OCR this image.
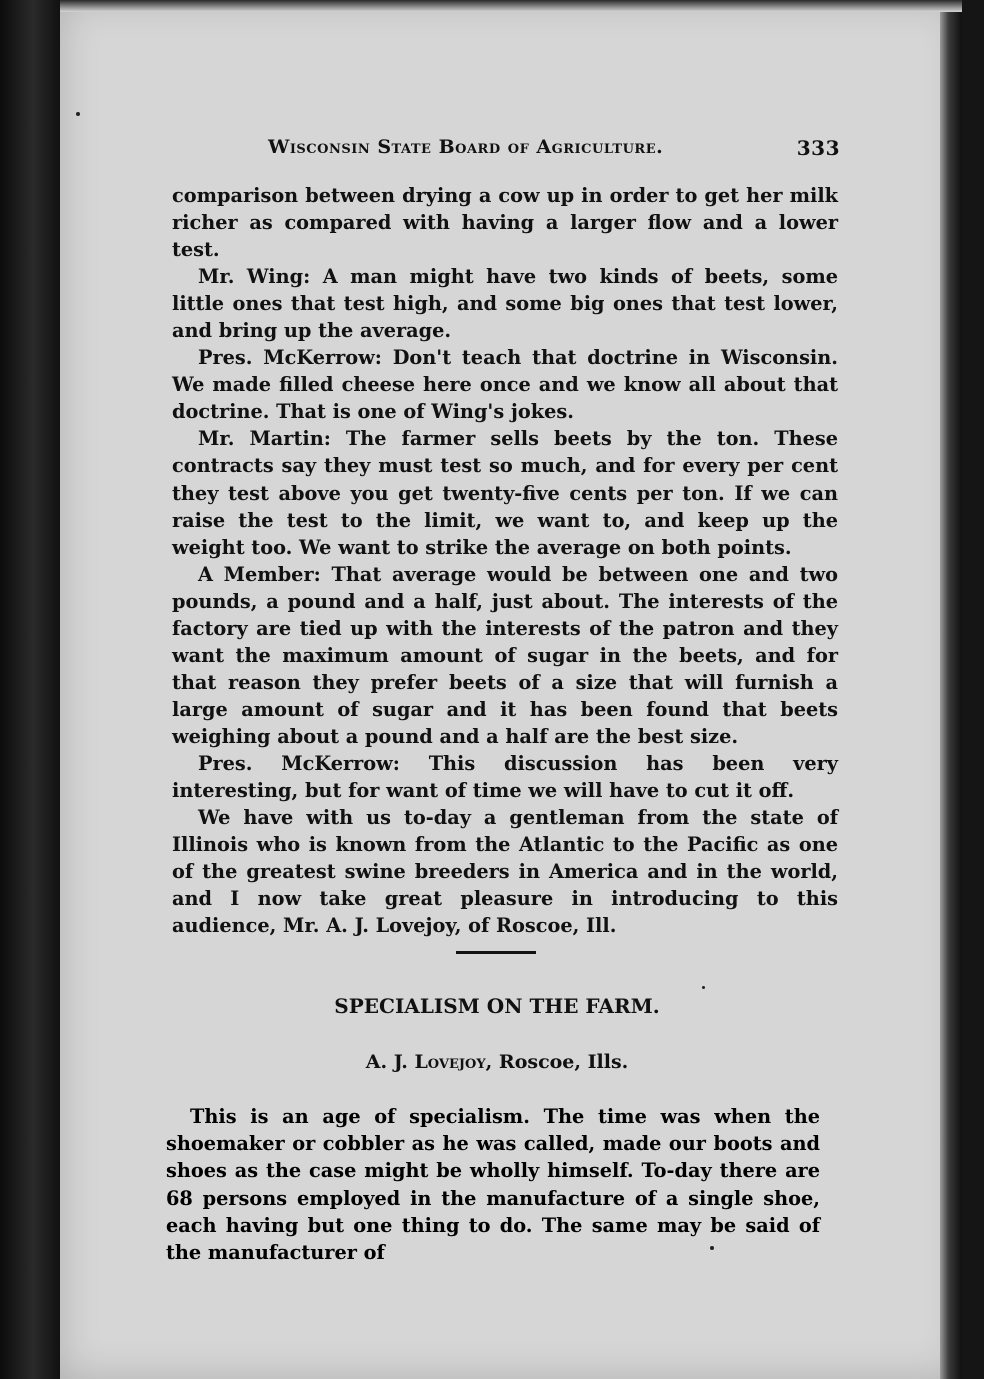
Wisconsin State Board of Agriculture.	333

comparison between drying a cow up in order to get her milk richer as compared with having a larger flow and a lower test.

Mr. Wing: A man might have two kinds of beets, some little ones that test high, and some big ones that test lower, and bring up the average.

Pres. McKerrow: Don't teach that doctrine in Wisconsin. We made filled cheese here once and we know all about that doctrine. That is one of Wing's jokes.

Mr. Martin: The farmer sells beets by the ton. These contracts say they must test so much, and for every per cent they test above you get twenty-five cents per ton. If we can raise the test to the limit, we want to, and keep up the weight too. We want to strike the average on both points.

A Member: That average would be between one and two pounds, a pound and a half, just about. The interests of the factory are tied up with the interests of the patron and they want the maximum amount of sugar in the beets, and for that reason they prefer beets of a size that will furnish a large amount of sugar and it has been found that beets weighing about a pound and a half are the best size.

Pres. McKerrow: This discussion has been very interesting, but for want of time we will have to cut it off.

We have with us to-day a gentleman from the state of Illinois who is known from the Atlantic to the Pacific as one of the greatest swine breeders in America and in the world, and I now take great pleasure in introducing to this audience, Mr. A. J. Lovejoy, of Roscoe, Ill.

SPECIALISM ON THE FARM.
A. J. Lovejoy, Roscoe, Ills.

This is an age of specialism. The time was when the shoemaker or cobbler as he was called, made our boots and shoes as the case might be wholly himself. To-day there are 68 persons employed in the manufacture of a single shoe, each having but one thing to do. The same may be said of the manufacturer of
